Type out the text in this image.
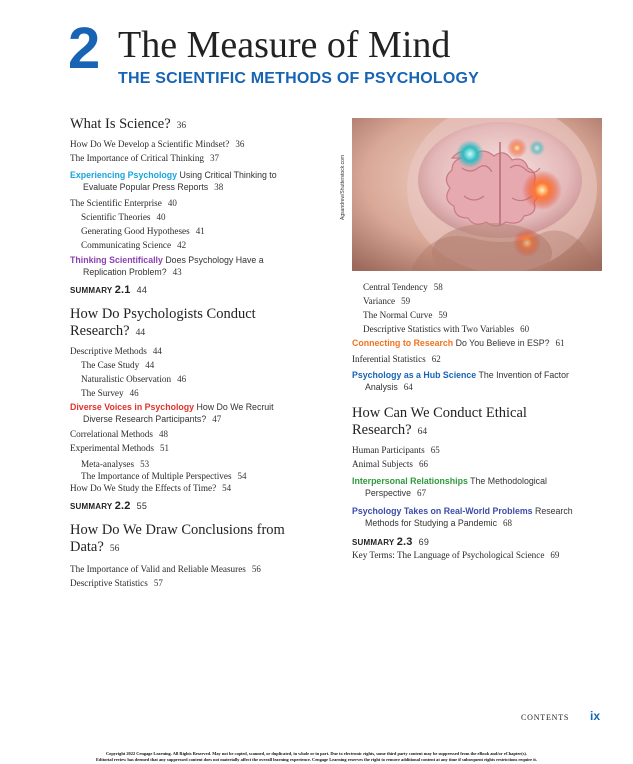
2 The Measure of Mind
THE SCIENTIFIC METHODS OF PSYCHOLOGY
What Is Science? 36
How Do We Develop a Scientific Mindset? 36
The Importance of Critical Thinking 37
Experiencing Psychology Using Critical Thinking to
Evaluate Popular Press Reports 38
The Scientific Enterprise 40
Scientific Theories 40
Generating Good Hypotheses 41
Communicating Science 42
Thinking Scientifically Does Psychology Have a
Replication Problem? 43
SUMMARY 2.1 44
How Do Psychologists Conduct
Research? 44
Descriptive Methods 44
The Case Study 44
Naturalistic Observation 46
The Survey 46
Diverse Voices in Psychology How Do We Recruit
Diverse Research Participants? 47
Correlational Methods 48
Experimental Methods 51
Meta-analyses 53
The Importance of Multiple Perspectives 54
How Do We Study the Effects of Time? 54
SUMMARY 2.2 55
How Do We Draw Conclusions from
Data? 56
The Importance of Valid and Reliable Measures 56
Descriptive Statistics 57
Agsandrew/Shutterstock.com
Central Tendency 58
Variance 59
The Normal Curve 59
Descriptive Statistics with Two Variables 60
Connecting to Research Do You Believe in ESP? 61
Inferential Statistics 62
Psychology as a Hub Science The Invention of Factor
Analysis 64
How Can We Conduct Ethical
Research? 64
Human Participants 65
Animal Subjects 66
Interpersonal Relationships The Methodological
Perspective 67
Psychology Takes on Real-World Problems Research
Methods for Studying a Pandemic 68
SUMMARY 2.3 69
Key Terms: The Language of Psychological Science 69
CONTENTS ix
Copyright 2022 Cengage Learning. All Rights Reserved. May not be copied, scanned, or duplicated, in whole or in part. Due to electronic rights, some third party content may be suppressed from the eBook and/or eChapter(s).
Editorial review has deemed that any suppressed content does not materially affect the overall learning experience. Cengage Learning reserves the right to remove additional content at any time if subsequent rights restrictions require it.
